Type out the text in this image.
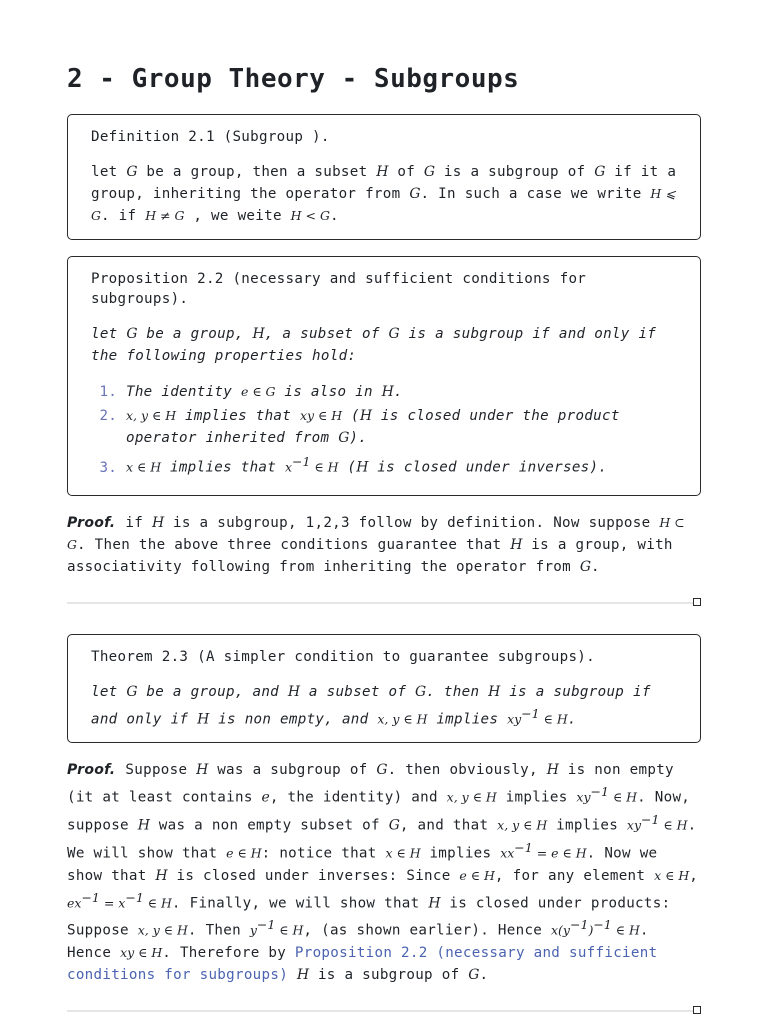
2 - Group Theory - Subgroups
Definition 2.1 (Subgroup ).

let G be a group, then a subset H of G is a subgroup of G if it a group, inheriting the operator from G. In such a case we write H ⩽ G. if H ≠ G , we weite H < G.

Proposition 2.2 (necessary and sufficient conditions for subgroups).

let G be a group, H, a subset of G is a subgroup if and only if the following properties hold:

1. The identity e ∈ G is also in H.
2. x, y ∈ H implies that xy ∈ H (H is closed under the product operator inherited from G).
3. x ∈ H implies that $x^{-1}$ ∈ H (H is closed under inverses).

Proof. if H is a subgroup, 1,2,3 follow by definition. Now suppose H ⊂ G. Then the above three conditions guarantee that H is a group, with associativity following from inheriting the operator from G.

Theorem 2.3 (A simpler condition to guarantee subgroups).

let G be a group, and H a subset of G. then H is a subgroup if and only if H is non empty, and x, y ∈ H implies $xy^{-1}$ ∈ H.

Proof. Suppose H was a subgroup of G. then obviously, H is non empty (it at least contains e, the identity) and x, y ∈ H implies $xy^{-1}$ ∈ H. Now, suppose H was a non empty subset of G, and that x, y ∈ H implies $xy^{-1}$ ∈ H. We will show that e ∈ H: notice that x ∈ H implies $xx^{-1} = e$ ∈ H. Now we show that H is closed under inverses: Since e ∈ H, for any element x ∈ H, $ex^{-1} = x^{-1}$ ∈ H. Finally, we will show that H is closed under products: Suppose x, y ∈ H. Then $y^{-1}$ ∈ H, (as shown earlier). Hence $x(y^{-1})^{-1}$ ∈ H. Hence xy ∈ H. Therefore by Proposition 2.2 (necessary and sufficient conditions for subgroups) H is a subgroup of G.
